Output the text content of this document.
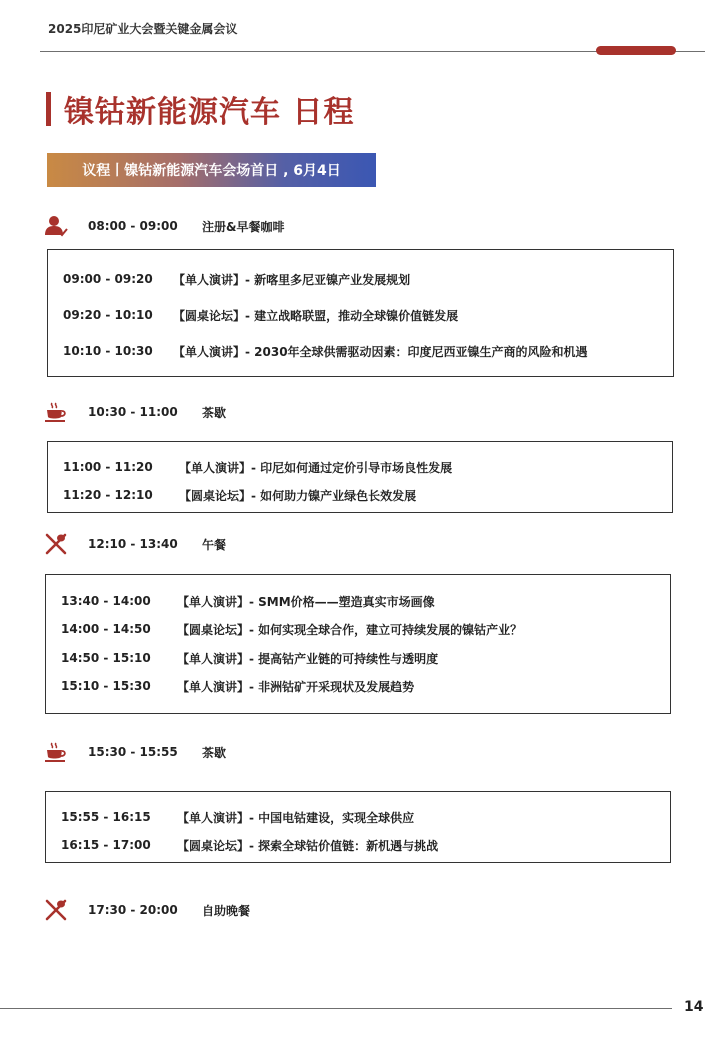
2025印尼矿业大会暨关键金属会议
镍钴新能源汽车 日程
议程丨镍钴新能源汽车会场首日 , 6月4日
08:00 - 09:00	注册&早餐咖啡
10:30 - 11:00	茶歇
12:10 - 13:40	午餐
15:30 - 15:55	茶歇
17:30 - 20:00	自助晚餐
09:00 - 09:20	【单人演讲】- 新喀里多尼亚镍产业发展规划
09:20 - 10:10	【圆桌论坛】- 建立战略联盟，推动全球镍价值链发展
10:10 - 10:30	【单人演讲】- 2030年全球供需驱动因素：印度尼西亚镍生产商的风险和机遇
11:00 - 11:20	【单人演讲】- 印尼如何通过定价引导市场良性发展
11:20 - 12:10	【圆桌论坛】- 如何助力镍产业绿色长效发展
13:40 - 14:00	【单人演讲】- SMM价格——塑造真实市场画像
14:00 - 14:50	【圆桌论坛】- 如何实现全球合作，建立可持续发展的镍钴产业？
14:50 - 15:10	【单人演讲】- 提高钴产业链的可持续性与透明度
15:10 - 15:30	【单人演讲】- 非洲钴矿开采现状及发展趋势
15:55 - 16:15	【单人演讲】- 中国电钴建设，实现全球供应
16:15 - 17:00	【圆桌论坛】- 探索全球钴价值链：新机遇与挑战
14
